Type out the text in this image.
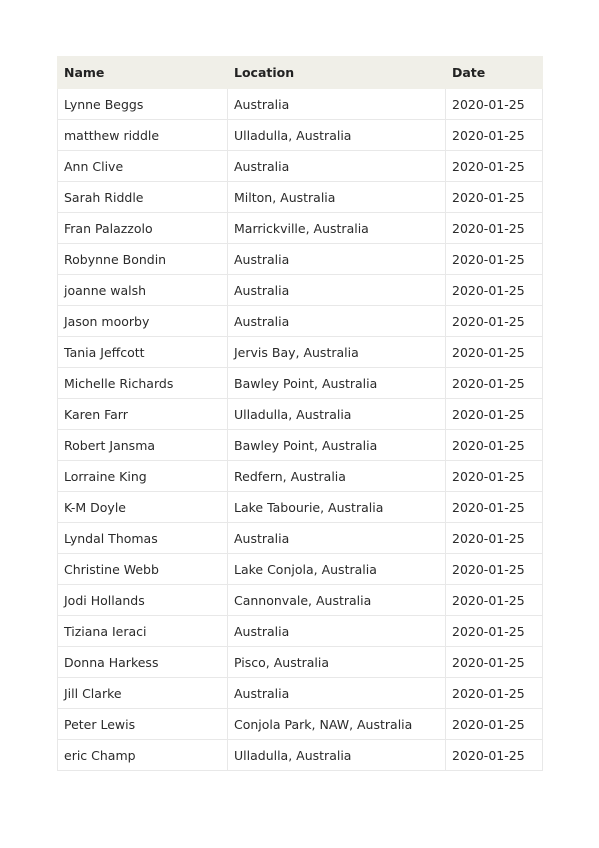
Name	Location	Date
Lynne Beggs	Australia	2020-01-25
matthew riddle	Ulladulla, Australia	2020-01-25
Ann Clive	Australia	2020-01-25
Sarah Riddle	Milton, Australia	2020-01-25
Fran Palazzolo	Marrickville, Australia	2020-01-25
Robynne Bondin	Australia	2020-01-25
joanne walsh	Australia	2020-01-25
Jason moorby	Australia	2020-01-25
Tania Jeffcott	Jervis Bay, Australia	2020-01-25
Michelle Richards	Bawley Point, Australia	2020-01-25
Karen Farr	Ulladulla, Australia	2020-01-25
Robert Jansma	Bawley Point, Australia	2020-01-25
Lorraine King	Redfern, Australia	2020-01-25
K-M Doyle	Lake Tabourie, Australia	2020-01-25
Lyndal Thomas	Australia	2020-01-25
Christine Webb	Lake Conjola, Australia	2020-01-25
Jodi Hollands	Cannonvale, Australia	2020-01-25
Tiziana Ieraci	Australia	2020-01-25
Donna Harkess	Pisco, Australia	2020-01-25
Jill Clarke	Australia	2020-01-25
Peter Lewis	Conjola Park, NAW, Australia	2020-01-25
eric Champ	Ulladulla, Australia	2020-01-25
